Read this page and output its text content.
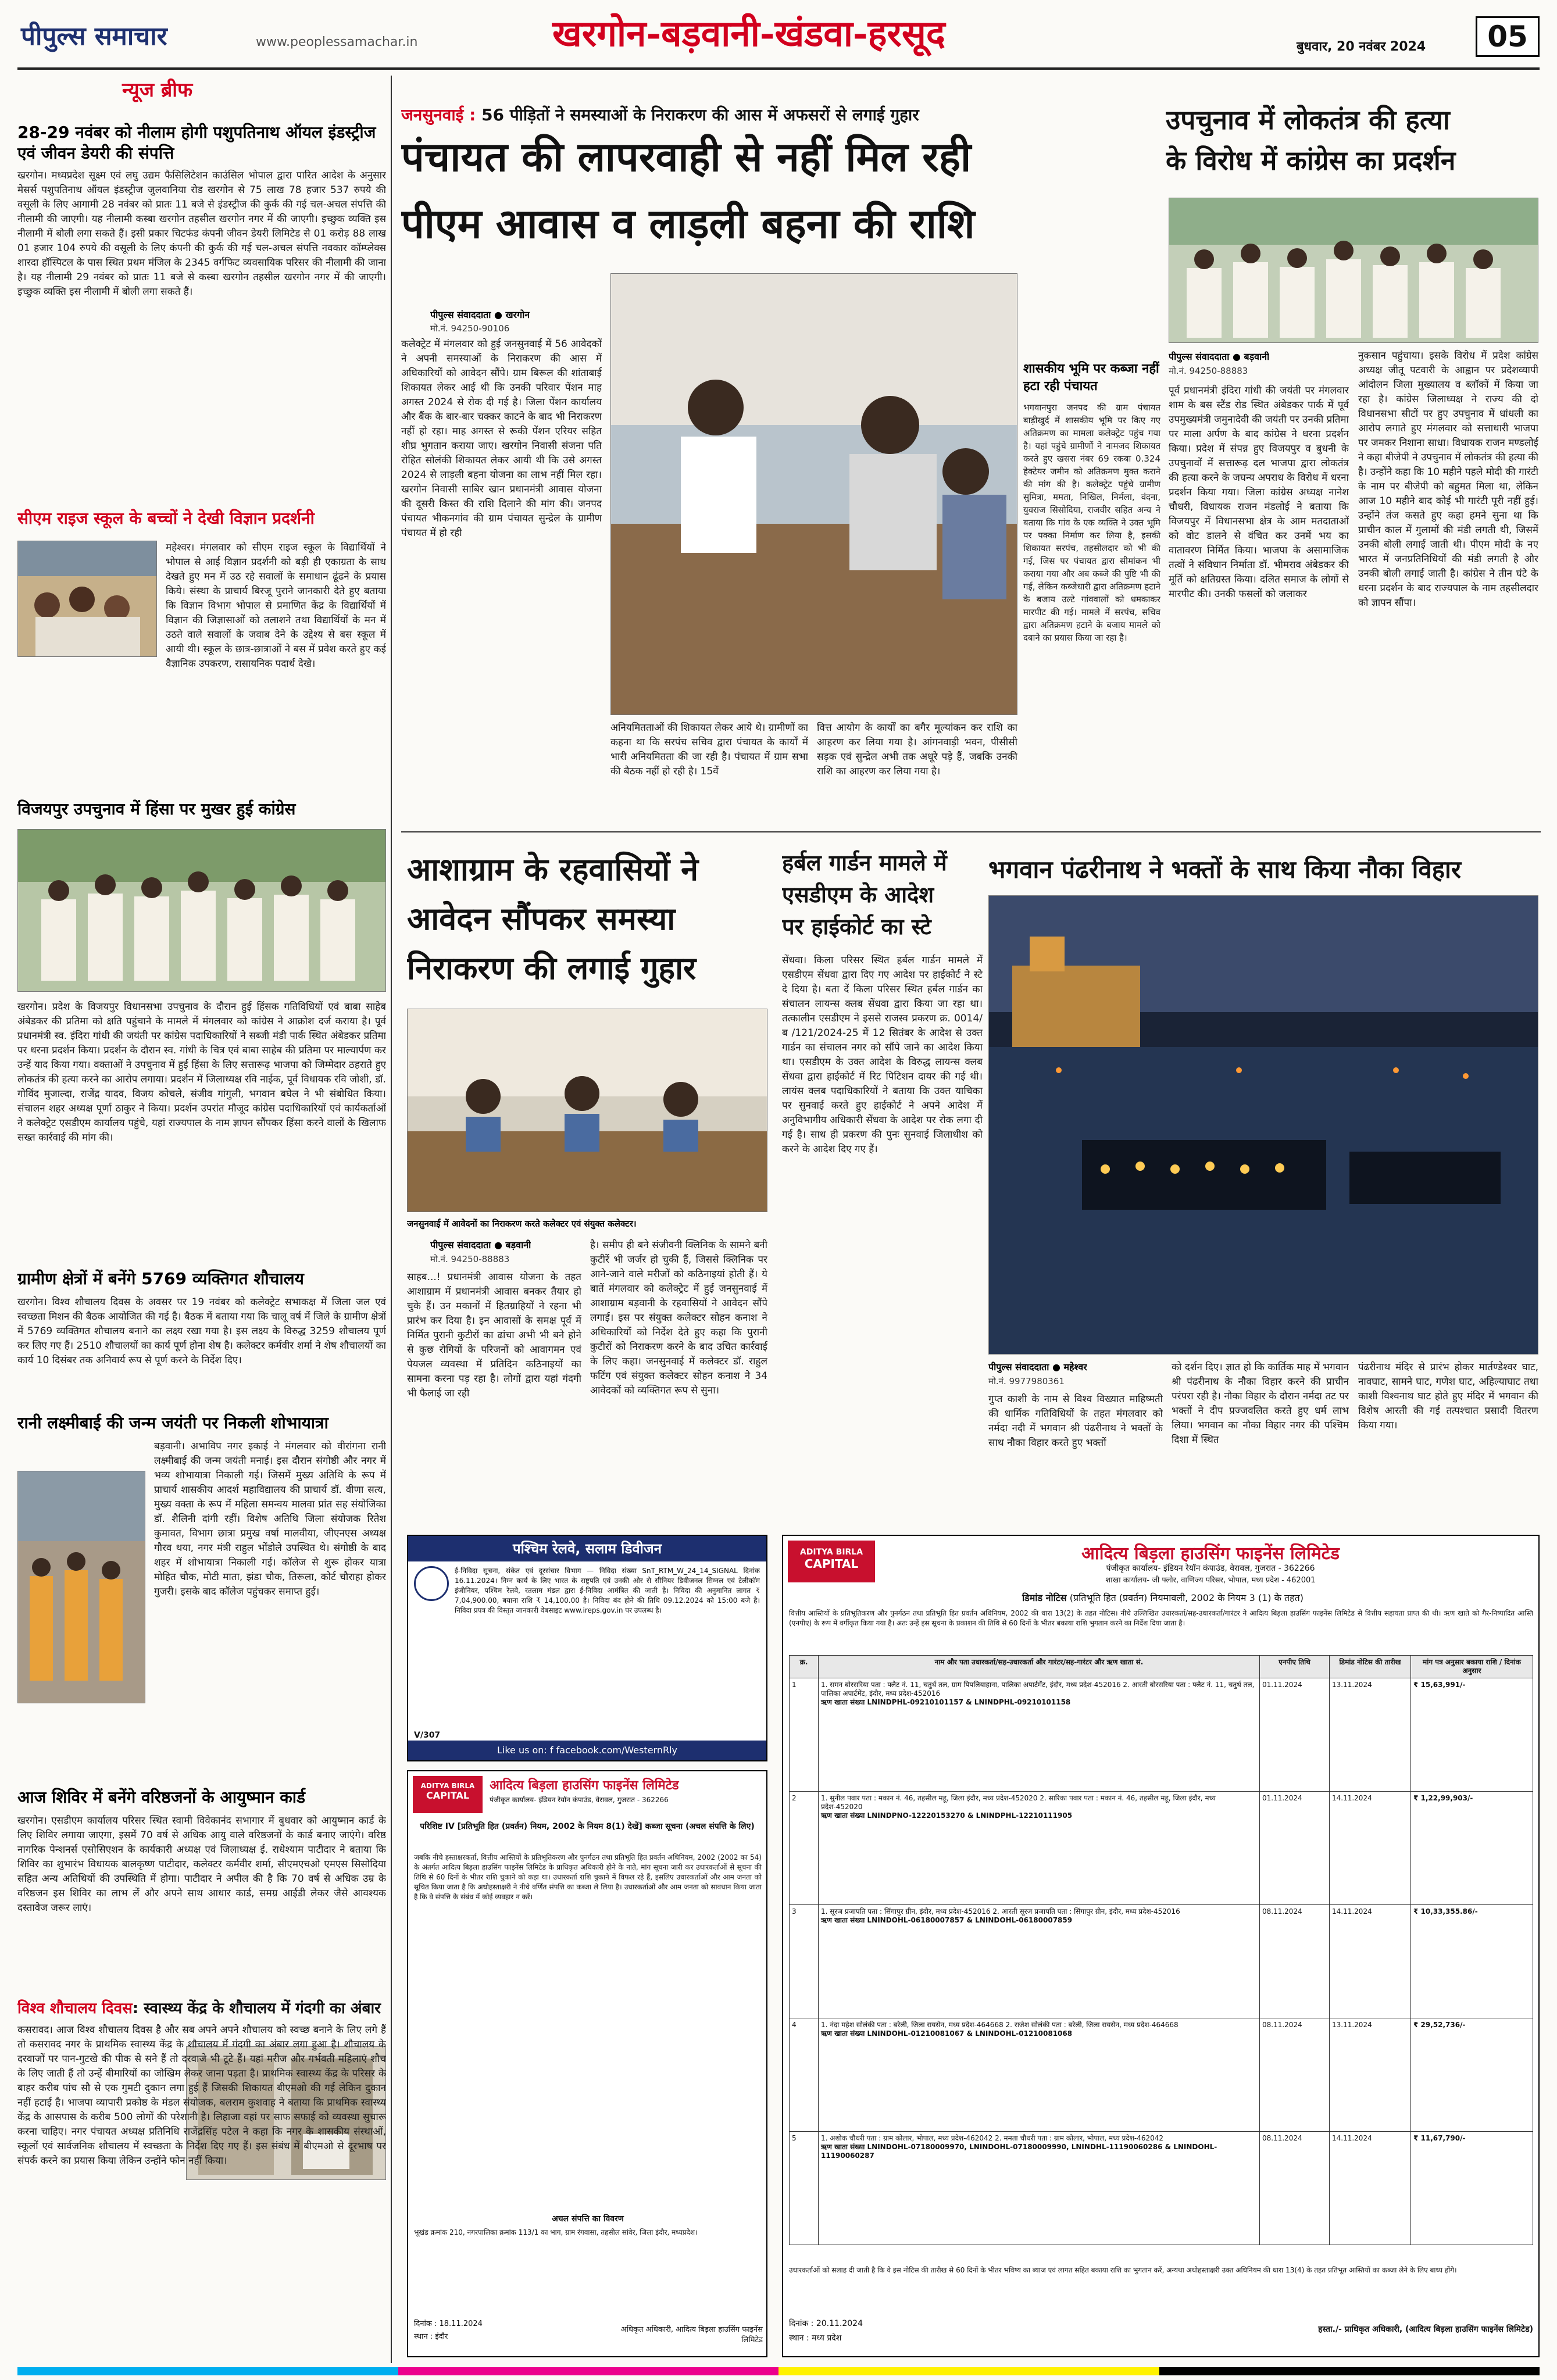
पीपुल्स समाचार	www.peoplessamachar.in	खरगोन-बड़वानी-खंडवा-हरसूद	बुधवार, 20 नवंबर 2024	05
न्यूज ब्रीफ
28-29 नवंबर को नीलाम होगी पशुपतिनाथ ऑयल इंडस्ट्रीज एवं जीवन डेयरी की संपत्ति

खरगोन। मध्यप्रदेश सूक्ष्म एवं लघु उद्यम फैसिलिटेशन काउंसिल भोपाल द्वारा पारित आदेश के अनुसार मेसर्स पशुपतिनाथ ऑयल इंडस्ट्रीज जुलवानिया रोड खरगोन से 75 लाख 78 हजार 537 रुपये की वसूली के लिए आगामी 28 नवंबर को प्रातः 11 बजे से इंडस्ट्रीज की कुर्क की गई चल-अचल संपत्ति की नीलामी की जाएगी। यह नीलामी कस्बा खरगोन तहसील खरगोन नगर में की जाएगी। इच्छुक व्यक्ति इस नीलामी में बोली लगा सकते हैं। इसी प्रकार चिटफंड कंपनी जीवन डेयरी लिमिटेड से 01 करोड़ 88 लाख 01 हजार 104 रुपये की वसूली के लिए कंपनी की कुर्क की गई चल-अचल संपत्ति नवकार कॉम्प्लेक्स शारदा हॉस्पिटल के पास स्थित प्रथम मंजिल के 2345 वर्गफिट व्यवसायिक परिसर की नीलामी की जाना है। यह नीलामी 29 नवंबर को प्रातः 11 बजे से कस्बा खरगोन तहसील खरगोन नगर में की जाएगी। इच्छुक व्यक्ति इस नीलामी में बोली लगा सकते हैं।

सीएम राइज स्कूल के बच्चों ने देखी विज्ञान प्रदर्शनी

महेश्वर। मंगलवार को सीएम राइज स्कूल के विद्यार्थियों ने भोपाल से आई विज्ञान प्रदर्शनी को बड़ी ही एकाग्रता के साथ देखते हुए मन में उठ रहे सवालों के समाधान ढूंढने के प्रयास किये। संस्था के प्राचार्य बिरजू पुराने जानकारी देते हुए बताया कि विज्ञान विभाग भोपाल से प्रमाणित केंद्र के विद्यार्थियों में विज्ञान की जिज्ञासाओं को तलाशने तथा विद्यार्थियों के मन में उठते वाले सवालों के जवाब देने के उद्देश्य से बस स्कूल में आयी थी। स्कूल के छात्र-छात्राओं ने बस में प्रवेश करते हुए कई वैज्ञानिक उपकरण, रासायनिक पदार्थ देखे।

विजयपुर उपचुनाव में हिंसा पर मुखर हुई कांग्रेस

खरगोन। प्रदेश के विजयपुर विधानसभा उपचुनाव के दौरान हुई हिंसक गतिविधियों एवं बाबा साहेब अंबेडकर की प्रतिमा को क्षति पहुंचाने के मामले में मंगलवार को कांग्रेस ने आक्रोश दर्ज कराया है। पूर्व प्रधानमंत्री स्व. इंदिरा गांधी की जयंती पर कांग्रेस पदाधिकारियों ने सब्जी मंडी पार्क स्थित अंबेडकर प्रतिमा पर धरना प्रदर्शन किया। प्रदर्शन के दौरान स्व. गांधी के चित्र एवं बाबा साहेब की प्रतिमा पर माल्यार्पण कर उन्हें याद किया गया। वक्ताओं ने उपचुनाव में हुई हिंसा के लिए सत्तारूढ़ भाजपा को जिम्मेदार ठहराते हुए लोकतंत्र की हत्या करने का आरोप लगाया। प्रदर्शन में जिलाध्यक्ष रवि नाईक, पूर्व विधायक रवि जोशी, डॉ. गोविंद मुजाल्दा, राजेंद्र यादव, विजय कोचले, संजीव गांगुली, भगवान बघेल ने भी संबोधित किया। संचालन शहर अध्यक्ष पूर्णा ठाकुर ने किया। प्रदर्शन उपरांत मौजूद कांग्रेस पदाधिकारियों एवं कार्यकर्ताओं ने कलेक्ट्रेट एसडीएम कार्यालय पहुंचे, यहां राज्यपाल के नाम ज्ञापन सौंपकर हिंसा करने वालों के खिलाफ सख्त कार्रवाई की मांग की।

ग्रामीण क्षेत्रों में बनेंगे 5769 व्यक्तिगत शौचालय

खरगोन। विश्व शौचालय दिवस के अवसर पर 19 नवंबर को कलेक्ट्रेट सभाकक्ष में जिला जल एवं स्वच्छता मिशन की बैठक आयोजित की गई है। बैठक में बताया गया कि चालू वर्ष में जिले के ग्रामीण क्षेत्रों में 5769 व्यक्तिगत शौचालय बनाने का लक्ष्य रखा गया है। इस लक्ष्य के विरुद्ध 3259 शौचालय पूर्ण कर लिए गए हैं। 2510 शौचालयों का कार्य पूर्ण होना शेष है। कलेक्टर कर्मवीर शर्मा ने शेष शौचालयों का कार्य 10 दिसंबर तक अनिवार्य रूप से पूर्ण करने के निर्देश दिए।

रानी लक्ष्मीबाई की जन्म जयंती पर निकली शोभायात्रा

बड़वानी। अभाविप नगर इकाई ने मंगलवार को वीरांगना रानी लक्ष्मीबाई की जन्म जयंती मनाई। इस दौरान संगोष्ठी और नगर में भव्य शोभायात्रा निकाली गई। जिसमें मुख्य अतिथि के रूप में प्राचार्य शासकीय आदर्श महाविद्यालय की प्राचार्य डॉ. वीणा सत्य, मुख्य वक्ता के रूप में महिला समन्वय मालवा प्रांत सह संयोजिका डॉ. शैलिनी दांगी रहीं। विशेष अतिथि जिला संयोजक रितेश कुमावत, विभाग छात्रा प्रमुख वर्षा मालवीया, जीएनएस अध्यक्ष गौरव थया, नगर मंत्री राहुल भोंडोले उपस्थित थे। संगोष्ठी के बाद शहर में शोभायात्रा निकाली गई। कॉलेज से शुरू होकर यात्रा मोहित चौक, मोटी माता, झंडा चौक, तिरूला, कोर्ट चौराहा होकर गुजरी। इसके बाद कॉलेज पहुंचकर समाप्त हुई।

आज शिविर में बनेंगे वरिष्ठजनों के आयुष्मान कार्ड

खरगोन। एसडीएम कार्यालय परिसर स्थित स्वामी विवेकानंद सभागार में बुधवार को आयुष्मान कार्ड के लिए शिविर लगाया जाएगा, इसमें 70 वर्ष से अधिक आयु वाले वरिष्ठजनों के कार्ड बनाए जाएंगे। वरिष्ठ नागरिक पेन्शनर्स एसोसिएशन के कार्यकारी अध्यक्ष एवं जिलाध्यक्ष ई. राधेश्याम पाटीदार ने बताया कि शिविर का शुभारंभ विधायक बालकृष्ण पाटीदार, कलेक्टर कर्मवीर शर्मा, सीएमएचओ एमएस सिसोदिया सहित अन्य अतिथियों की उपस्थिति में होगा। पाटीदार ने अपील की है कि 70 वर्ष से अधिक उम्र के वरिष्ठजन इस शिविर का लाभ लें और अपने साथ आधार कार्ड, समग्र आईडी लेकर जैसे आवश्यक दस्तावेज जरूर लाएं।

विश्व शौचालय दिवस: स्वास्थ्य केंद्र के शौचालय में गंदगी का अंबार

कसरावद। आज विश्व शौचालय दिवस है और सब अपने अपने शौचालय को स्वच्छ बनाने के लिए लगे हैं तो कसरावद नगर के प्राथमिक स्वास्थ्य केंद्र के शौचालय में गंदगी का अंबार लगा हुआ है। शौचालय के दरवाजों पर पान-गुटखे की पीक से सने हैं तो दरवाजे भी टूटे हैं। यहां मरीज और गर्भवती महिलाएं शौच के लिए जाती हैं तो उन्हें बीमारियों का जोखिम लेकर जाना पड़ता है। प्राथमिक स्वास्थ्य केंद्र के परिसर के बाहर करीब पांच सौ से एक गुमटी दुकान लगा हुई हैं जिसकी शिकायत बीएमओ की गई लेकिन दुकान नहीं हटाई है। भाजपा व्यापारी प्रकोष्ठ के मंडल संयोजक, बलराम कुशवाह ने बताया कि प्राथमिक स्वास्थ्य केंद्र के आसपास के करीब 500 लोगों की परेशानी है। लिहाजा वहां पर साफ सफाई को व्यवस्था सुचारू करना चाहिए। नगर पंचायत अध्यक्ष प्रतिनिधि राजेंद्रसिंह पटेल ने कहा कि नगर के शासकीय संस्थाओं, स्कूलों एवं सार्वजनिक शौचालय में स्वच्छता के निर्देश दिए गए हैं। इस संबंध में बीएमओ से दूरभाष पर संपर्क करने का प्रयास किया लेकिन उन्होंने फोन नहीं किया।

जनसुनवाई : 56 पीड़ितों ने समस्याओं के निराकरण की आस में अफसरों से लगाई गुहार
पंचायत की लापरवाही से नहीं मिल रही
पीएम आवास व लाड़ली बहना की राशि
पीपुल्स संवाददाता ● खरगोन
मो.नं. 94250-90106
शासकीय भूमि पर कब्जा नहीं हटा रही पंचायत

भगवानपुरा जनपद की ग्राम पंचायत बाड़ीखुर्द में शासकीय भूमि पर किए गए अतिक्रमण का मामला कलेक्ट्रेट पहुंच गया है। यहां पहुंचे ग्रामीणों ने नामजद शिकायत करते हुए खसरा नंबर 69 रकबा 0.324 हेक्टेयर जमीन को अतिक्रमण मुक्त कराने की मांग की है। कलेक्ट्रेट पहुंचे ग्रामीण सुमित्रा, ममता, निखिल, निर्मला, वंदना, युवराज सिसोदिया, राजवीर सहित अन्य ने बताया कि गांव के एक व्यक्ति ने उक्त भूमि पर पक्का निर्माण कर लिया है, इसकी शिकायत सरपंच, तहसीलदार को भी की गई, जिस पर पंचायत द्वारा सीमांकन भी कराया गया और अब कब्जे की पुष्टि भी की गई, लेकिन कब्जेधारी द्वारा अतिक्रमण हटाने के बजाय उल्टे गांववालों को धमकाकर मारपीट की गई। मामले में सरपंच, सचिव द्वारा अतिक्रमण हटाने के बजाय मामले को दबाने का प्रयास किया जा रहा है।

कलेक्ट्रेट में मंगलवार को हुई जनसुनवाई में 56 आवेदकों ने अपनी समस्याओं के निराकरण की आस में अधिकारियों को आवेदन सौंपे। ग्राम बिरूल की शांताबाई शिकायत लेकर आई थी कि उनकी परिवार पेंशन माह अगस्त 2024 से रोक दी गई है। जिला पेंशन कार्यालय और बैंक के बार-बार चक्कर काटने के बाद भी निराकरण नहीं हो रहा। माह अगस्त से रूकी पेंशन एरियर सहित शीघ्र भुगतान कराया जाए। खरगोन निवासी संजना पति रोहित सोलंकी शिकायत लेकर आयी थी कि उसे अगस्त 2024 से लाड़ली बहना योजना का लाभ नहीं मिल रहा। खरगोन निवासी साबिर खान प्रधानमंत्री आवास योजना की दूसरी किस्त की राशि दिलाने की मांग की। जनपद पंचायत भीकनगांव की ग्राम पंचायत सुन्द्रेल के ग्रामीण पंचायत में हो रही

अनियमितताओं की शिकायत लेकर आये थे। ग्रामीणों का कहना था कि सरपंच सचिव द्वारा पंचायत के कार्यों में भारी अनियमितता की जा रही है। पंचायत में ग्राम सभा की बैठक नहीं हो रही है। 15वें

वित्त आयोग के कार्यों का बगैर मूल्यांकन कर राशि का आहरण कर लिया गया है। आंगनवाड़ी भवन, पीसीसी सड़क एवं सुन्द्रेल अभी तक अधूरे पड़े हैं, जबकि उनकी राशि का आहरण कर लिया गया है।

उपचुनाव में लोकतंत्र की हत्या
के विरोध में कांग्रेस का प्रदर्शन
पीपुल्स संवाददाता ● बड़वानी
मो.नं. 94250-88883

पूर्व प्रधानमंत्री इंदिरा गांधी की जयंती पर मंगलवार शाम के बस स्टैंड रोड स्थित अंबेडकर पार्क में पूर्व उपमुख्यमंत्री जमुनादेवी की जयंती पर उनकी प्रतिमा पर माला अर्पण के बाद कांग्रेस ने धरना प्रदर्शन किया। प्रदेश में संपन्न हुए विजयपुर व बुधनी के उपचुनावों में सत्तारूढ़ दल भाजपा द्वारा लोकतंत्र की हत्या करने के जघन्य अपराध के विरोध में धरना प्रदर्शन किया गया। जिला कांग्रेस अध्यक्ष नानेश चौधरी, विधायक राजन मंडलोई ने बताया कि विजयपुर में विधानसभा क्षेत्र के आम मतदाताओं को वोट डालने से वंचित कर उनमें भय का वातावरण निर्मित किया। भाजपा के असामाजिक तत्वों ने संविधान निर्माता डॉ. भीमराव अंबेडकर की मूर्ति को क्षतिग्रस्त किया। दलित समाज के लोगों से मारपीट की। उनकी फसलों को जलाकर

नुकसान पहुंचाया। इसके विरोध में प्रदेश कांग्रेस अध्यक्ष जीतू पटवारी के आह्वान पर प्रदेशव्यापी आंदोलन जिला मुख्यालय व ब्लॉकों में किया जा रहा है। कांग्रेस जिलाध्यक्ष ने राज्य की दो विधानसभा सीटों पर हुए उपचुनाव में धांधली का आरोप लगाते हुए मंगलवार को सत्ताधारी भाजपा पर जमकर निशाना साधा। विधायक राजन मण्डलोई ने कहा बीजेपी ने उपचुनाव में लोकतंत्र की हत्या की है। उन्होंने कहा कि 10 महीने पहले मोदी की गारंटी के नाम पर बीजेपी को बहुमत मिला था, लेकिन आज 10 महीने बाद कोई भी गारंटी पूरी नहीं हुई। उन्होंने तंज कसते हुए कहा हमने सुना था कि प्राचीन काल में गुलामों की मंडी लगती थी, जिसमें उनकी बोली लगाई जाती थी। पीएम मोदी के नए भारत में जनप्रतिनिधियों की मंडी लगती है और उनकी बोली लगाई जाती है। कांग्रेस ने तीन घंटे के धरना प्रदर्शन के बाद राज्यपाल के नाम तहसीलदार को ज्ञापन सौंपा।

आशाग्राम के रहवासियों ने
आवेदन सौंपकर समस्या
निराकरण की लगाई गुहार
जनसुनवाई में आवेदनों का निराकरण करते कलेक्टर एवं संयुक्त कलेक्टर।
पीपुल्स संवाददाता ● बड़वानी
मो.नं. 94250-88883

साहब...! प्रधानमंत्री आवास योजना के तहत आशाग्राम में प्रधानमंत्री आवास बनकर तैयार हो चुके हैं। उन मकानों में हितग्राहियों ने रहना भी प्रारंभ कर दिया है। इन आवासों के समक्ष पूर्व में निर्मित पुरानी कुटीरों का ढांचा अभी भी बने होने से कुछ रोगियों के परिजनों को आवागमन एवं पेयजल व्यवस्था में प्रतिदिन कठिनाइयों का सामना करना पड़ रहा है। लोगों द्वारा यहां गंदगी भी फैलाई जा रही

है। समीप ही बने संजीवनी क्लिनिक के सामने बनी कुटीरें भी जर्जर हो चुकी हैं, जिससे क्लिनिक पर आने-जाने वाले मरीजों को कठिनाइयां होती हैं। ये बातें मंगलवार को कलेक्ट्रेट में हुई जनसुनवाई में आशाग्राम बड़वानी के रहवासियों ने आवेदन सौंपे लगाई। इस पर संयुक्त कलेक्टर सोहन कनाश ने अधिकारियों को निर्देश देते हुए कहा कि पुरानी कुटीरों को निराकरण करने के बाद उचित कार्रवाई के लिए कहा। जनसुनवाई में कलेक्टर डॉ. राहुल फटिंग एवं संयुक्त कलेक्टर सोहन कनाश ने 34 आवेदकों को व्यक्तिगत रूप से सुना।

हर्बल गार्डन मामले में
एसडीएम के आदेश
पर हाईकोर्ट का स्टे

सेंधवा। किला परिसर स्थित हर्बल गार्डन मामले में एसडीएम सेंधवा द्वारा दिए गए आदेश पर हाईकोर्ट ने स्टे दे दिया है। बता दें किला परिसर स्थित हर्बल गार्डन का संचालन लायन्स क्लब सेंधवा द्वारा किया जा रहा था। तत्कालीन एसडीएम ने इससे राजस्व प्रकरण क्र. 0014/ब /121/2024-25 में 12 सितंबर के आदेश से उक्त गार्डन का संचालन नगर को सौंपे जाने का आदेश किया था। एसडीएम के उक्त आदेश के विरुद्ध लायन्स क्लब सेंधवा द्वारा हाईकोर्ट में रिट पिटिशन दायर की गई थी। लायंस क्लब पदाधिकारियों ने बताया कि उक्त याचिका पर सुनवाई करते हुए हाईकोर्ट ने अपने आदेश में अनुविभागीय अधिकारी सेंधवा के आदेश पर रोक लगा दी गई है। साथ ही प्रकरण की पुनः सुनवाई जिलाधीश को करने के आदेश दिए गए हैं।

भगवान पंढरीनाथ ने भक्तों के साथ किया नौका विहार
पीपुल्स संवाददाता ● महेश्वर
मो.नं. 9977980361

गुप्त काशी के नाम से विश्व विख्यात माहिष्मती की धार्मिक गतिविधियों के तहत मंगलवार को नर्मदा नदी में भगवान श्री पंढरीनाथ ने भक्तों के साथ नौका विहार करते हुए भक्तों

को दर्शन दिए। ज्ञात हो कि कार्तिक माह में भगवान श्री पंढरीनाथ के नौका विहार करने की प्राचीन परंपरा रही है। नौका विहार के दौरान नर्मदा तट पर भक्तों ने दीप प्रज्जवलित करते हुए धर्म लाभ लिया। भगवान का नौका विहार नगर की पश्चिम दिशा में स्थित

पंढरीनाथ मंदिर से प्रारंभ होकर मार्तण्डेश्वर घाट, नावघाट, सामने घाट, गणेश घाट, अहिल्याघाट तथा काशी विश्वनाथ घाट होते हुए मंदिर में भगवान की विशेष आरती की गई तत्पश्चात प्रसादी वितरण किया गया।

पश्चिम रेलवे, सलाम डिवीजन

ई-निविदा सूचना, संकेत एवं दूरसंचार विभाग — निविदा संख्या SnT_RTM_W_24_14_SIGNAL दिनांक 16.11.2024। निम्न कार्य के लिए भारत के राष्ट्रपति एवं उनकी ओर से सीनियर डिवीजनल सिग्नल एवं टेलीकॉम इंजीनियर, पश्चिम रेलवे, रतलाम मंडल द्वारा ई-निविदा आमंत्रित की जाती है। निविदा की अनुमानित लागत ₹ 7,04,900.00, बयाना राशि ₹ 14,100.00 है। निविदा बंद होने की तिथि 09.12.2024 को 15:00 बजे है। निविदा प्रपत्र की विस्तृत जानकारी वेबसाइट www.ireps.gov.in पर उपलब्ध है।

V/307
Like us on: f facebook.com/WesternRly
ADITYA BIRLA
CAPITAL
आदित्य बिड़ला हाउसिंग फाइनेंस लिमिटेड
पंजीकृत कार्यालय- इंडियन रेयॉन कंपाउंड, वेरावल, गुजरात - 362266
परिशिष्ट IV [प्रतिभूति हित (प्रवर्तन) नियम, 2002 के नियम 8(1) देखें] कब्जा सूचना (अचल संपत्ति के लिए)

जबकि नीचे हस्ताक्षरकर्ता, वित्तीय आस्तियों के प्रतिभूतिकरण और पुनर्गठन तथा प्रतिभूति हित प्रवर्तन अधिनियम, 2002 (2002 का 54) के अंतर्गत आदित्य बिड़ला हाउसिंग फाइनेंस लिमिटेड के प्राधिकृत अधिकारी होने के नाते, मांग सूचना जारी कर उधारकर्ताओं से सूचना की तिथि से 60 दिनों के भीतर राशि चुकाने को कहा था। उधारकर्ता राशि चुकाने में विफल रहे हैं, इसलिए उधारकर्ताओं और आम जनता को सूचित किया जाता है कि अधोहस्ताक्षरी ने नीचे वर्णित संपत्ति का कब्जा ले लिया है। उधारकर्ताओं और आम जनता को सावधान किया जाता है कि वे संपत्ति के संबंध में कोई व्यवहार न करें।

अचल संपत्ति का विवरण

भूखंड क्रमांक 210, नगरपालिका क्रमांक 113/1 का भाग, ग्राम रंगवासा, तहसील सांवेर, जिला इंदौर, मध्यप्रदेश।

दिनांक : 18.11.2024
स्थान : इंदौर
अधिकृत अधिकारी, आदित्य बिड़ला हाउसिंग फाइनेंस लिमिटेड
ADITYA BIRLA
CAPITAL	आदित्य बिड़ला हाउसिंग फाइनेंस लिमिटेड
पंजीकृत कार्यालय- इंडियन रेयॉन कंपाउंड, वेरावल, गुजरात - 362266
शाखा कार्यालय- जी फ्लोर, वाणिज्य परिसर, भोपाल, मध्य प्रदेश - 462001
डिमांड नोटिस (प्रतिभूति हित (प्रवर्तन) नियमावली, 2002 के नियम 3 (1) के तहत)

वित्तीय आस्तियों के प्रतिभूतिकरण और पुनर्गठन तथा प्रतिभूति हित प्रवर्तन अधिनियम, 2002 की धारा 13(2) के तहत नोटिस। नीचे उल्लिखित उधारकर्ता/सह-उधारकर्ता/गारंटर ने आदित्य बिड़ला हाउसिंग फाइनेंस लिमिटेड से वित्तीय सहायता प्राप्त की थी। ऋण खाते को गैर-निष्पादित आस्ति (एनपीए) के रूप में वर्गीकृत किया गया है। अतः उन्हें इस सूचना के प्रकाशन की तिथि से 60 दिनों के भीतर बकाया राशि भुगतान करने का निर्देश दिया जाता है।

क्र.	नाम और पता उधारकर्ता/सह-उधारकर्ता और गारंटर/सह-गारंटर और ऋण खाता सं.	एनपीए तिथि	डिमांड नोटिस की तारीख	मांग पत्र अनुसार बकाया राशि / दिनांक अनुसार
1	1. समन बोरसरिया पता : फ्लैट नं. 11, चतुर्थ तल, ग्राम पिपलियाहाना, पालिका अपार्टमेंट, इंदौर, मध्य प्रदेश-452016 2. आरती बोरसरिया पता : फ्लैट नं. 11, चतुर्थ तल, पालिका अपार्टमेंट, इंदौर, मध्य प्रदेश-452016
ऋण खाता संख्या LNINDPHL-09210101157 & LNINDPHL-09210101158	01.11.2024	13.11.2024	₹ 15,63,991/-
2	1. सुनील पवार पता : मकान नं. 46, तहसील महू, जिला इंदौर, मध्य प्रदेश-452020 2. सारिका पवार पता : मकान नं. 46, तहसील महू, जिला इंदौर, मध्य प्रदेश-452020
ऋण खाता संख्या LNINDPNO-12220153270 & LNINDPHL-12210111905	01.11.2024	14.11.2024	₹ 1,22,99,903/-
3	1. सूरज प्रजापति पता : सिंगापुर ग्रीन, इंदौर, मध्य प्रदेश-452016 2. आरती सूरज प्रजापति पता : सिंगापुर ग्रीन, इंदौर, मध्य प्रदेश-452016
ऋण खाता संख्या LNINDOHL-06180007857 & LNINDOHL-06180007859	08.11.2024	14.11.2024	₹ 10,33,355.86/-
4	1. नंदा महेश सोलंकी पता : बरेली, जिला रायसेन, मध्य प्रदेश-464668 2. राजेश सोलंकी पता : बरेली, जिला रायसेन, मध्य प्रदेश-464668
ऋण खाता संख्या LNINDOHL-01210081067 & LNINDOHL-01210081068	08.11.2024	13.11.2024	₹ 29,52,736/-
5	1. अशोक चौधरी पता : ग्राम कोलार, भोपाल, मध्य प्रदेश-462042 2. ममता चौधरी पता : ग्राम कोलार, भोपाल, मध्य प्रदेश-462042
ऋण खाता संख्या LNINDOHL-07180009970, LNINDOHL-07180009990, LNINDHL-11190060286 & LNINDOHL-11190060287	08.11.2024	14.11.2024	₹ 11,67,790/-

उधारकर्ताओं को सलाह दी जाती है कि वे इस नोटिस की तारीख से 60 दिनों के भीतर भविष्य का ब्याज एवं लागत सहित बकाया राशि का भुगतान करें, अन्यथा अधोहस्ताक्षरी उक्त अधिनियम की धारा 13(4) के तहत प्रतिभूत आस्तियों का कब्जा लेने के लिए बाध्य होंगे।

दिनांक : 20.11.2024
स्थान : मध्य प्रदेश
हस्ता./- प्राधिकृत अधिकारी, (आदित्य बिड़ला हाउसिंग फाइनेंस लिमिटेड)
